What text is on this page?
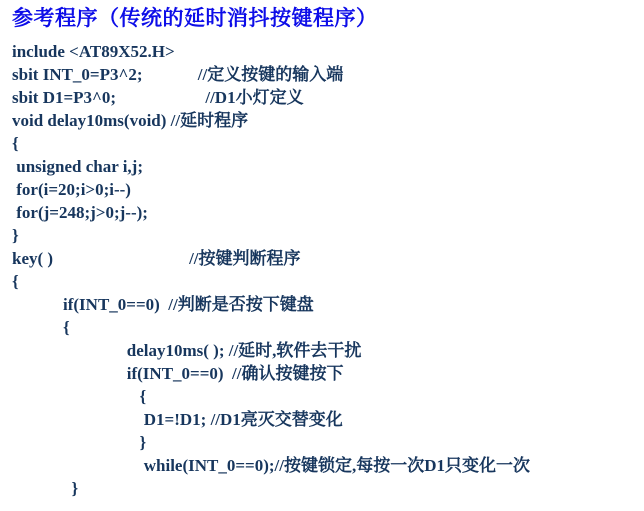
参考程序（传统的延时消抖按键程序）
include <AT89X52.H>
sbit INT_0=P3^2;             //定义按键的输入端
sbit D1=P3^0;                     //D1小灯定义
void delay10ms(void) //延时程序
{
unsigned char i,j;
for(i=20;i>0;i--)
for(j=248;j>0;j--);
}
key( )                                //按键判断程序
{
if(INT_0==0)  //判断是否按下键盘
{
delay10ms( ); //延时,软件去干扰
if(INT_0==0)  //确认按键按下
{
D1=!D1; //D1亮灭交替变化
}
while(INT_0==0);//按键锁定,每按一次D1只变化一次
}
